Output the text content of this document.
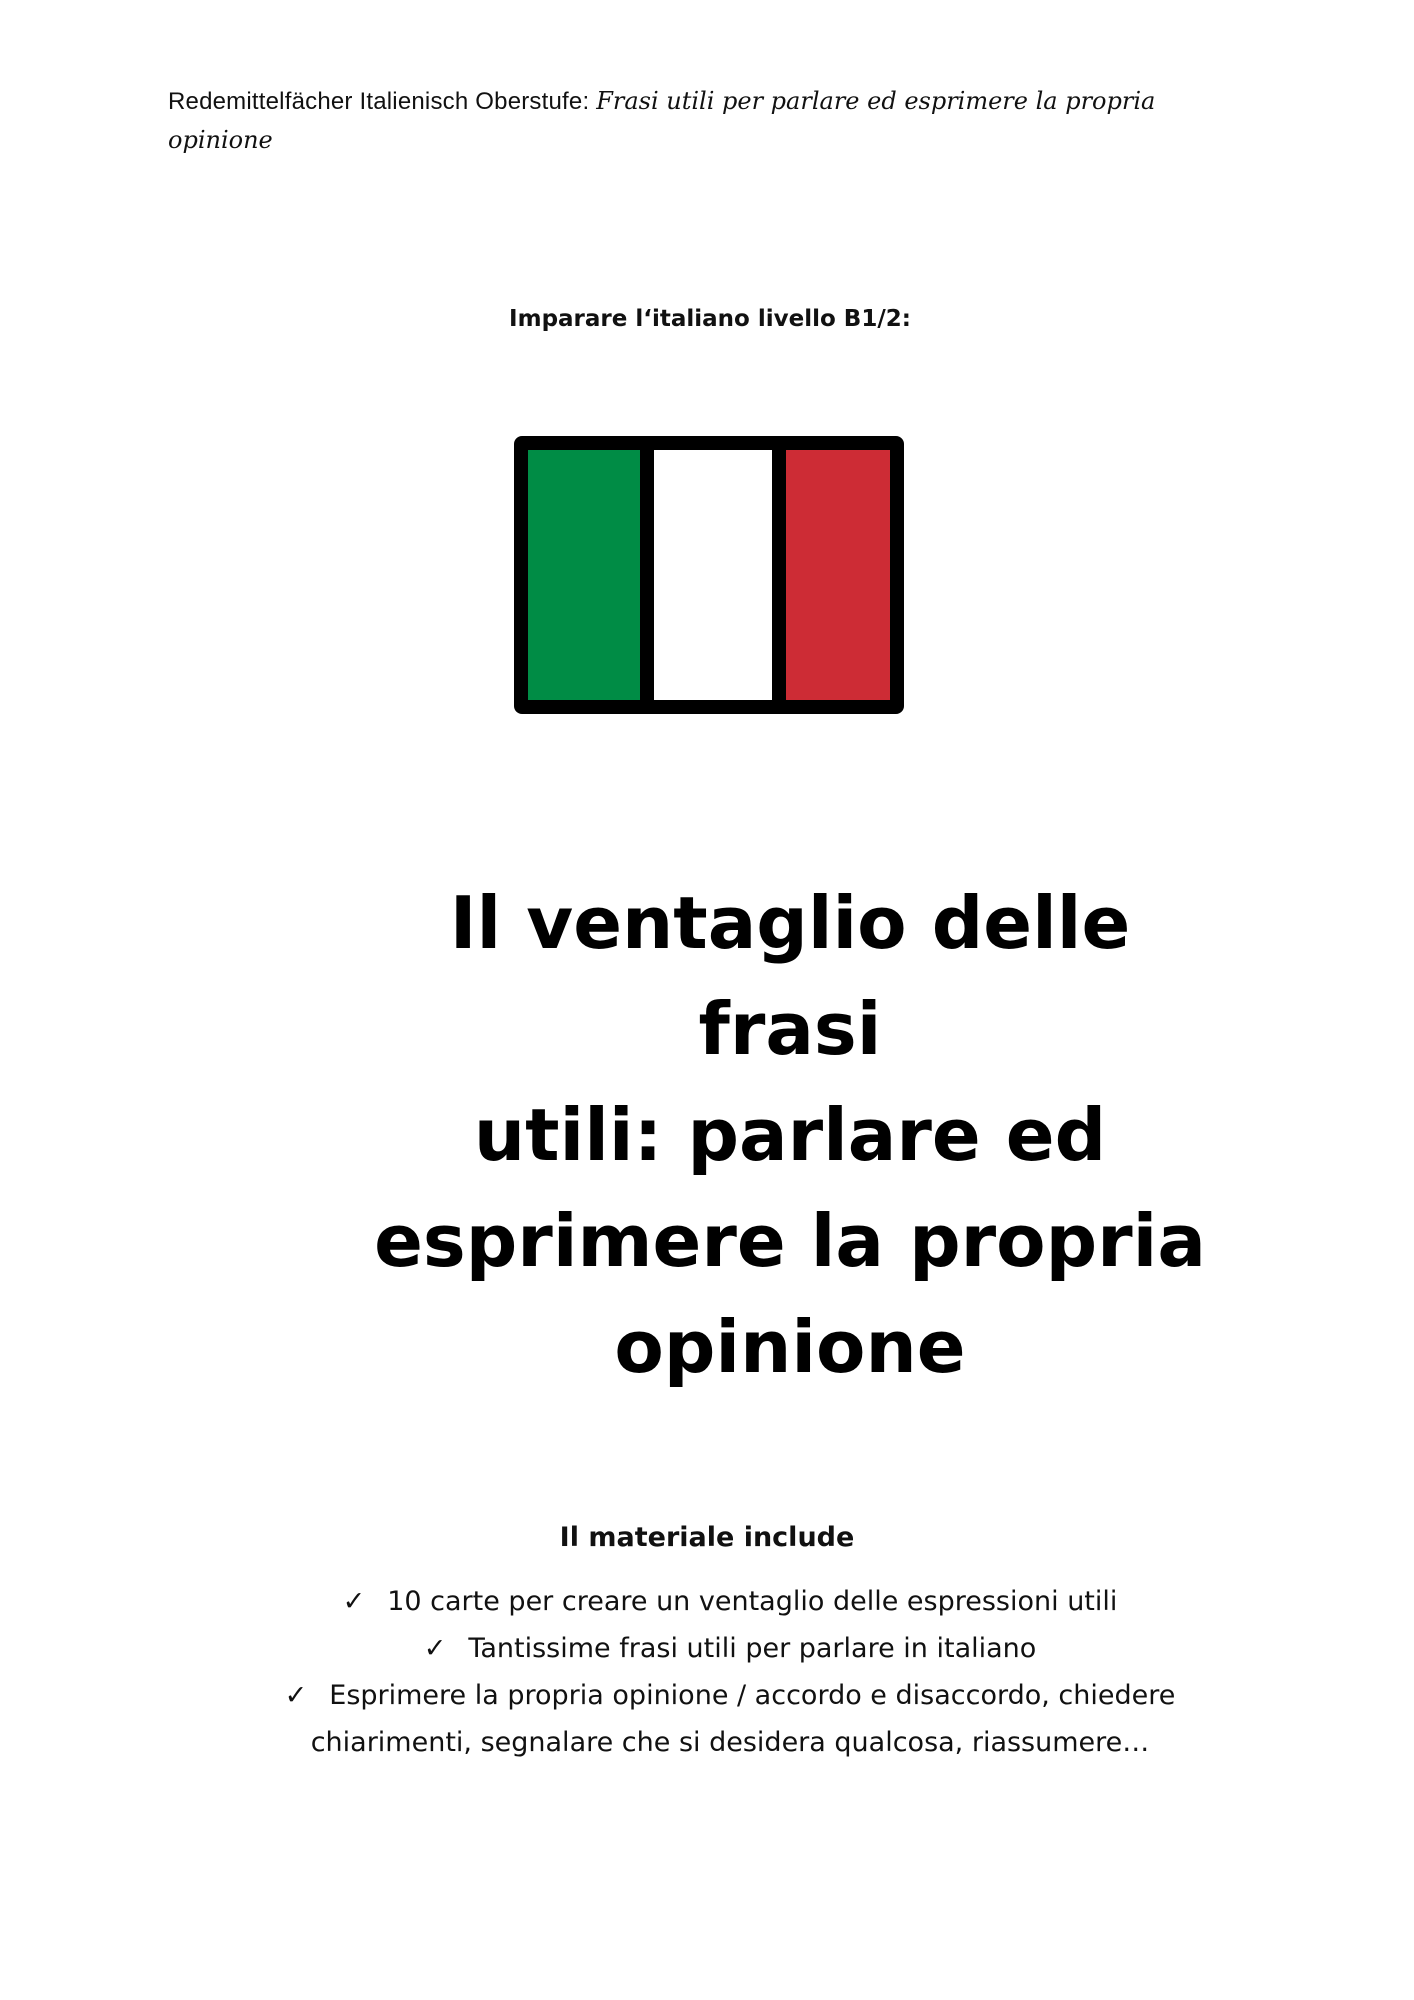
Redemittelfächer Italienisch Oberstufe: Frasi utili per parlare ed esprimere la propria opinione
Imparare l‘italiano livello B1/2:
Il ventaglio delle frasi
utili: parlare ed
esprimere la propria
opinione
Il materiale include
✓ 10 carte per creare un ventaglio delle espressioni utili
✓ Tantissime frasi utili per parlare in italiano
✓ Esprimere la propria opinione / accordo e disaccordo, chiedere
chiarimenti, segnalare che si desidera qualcosa, riassumere…
